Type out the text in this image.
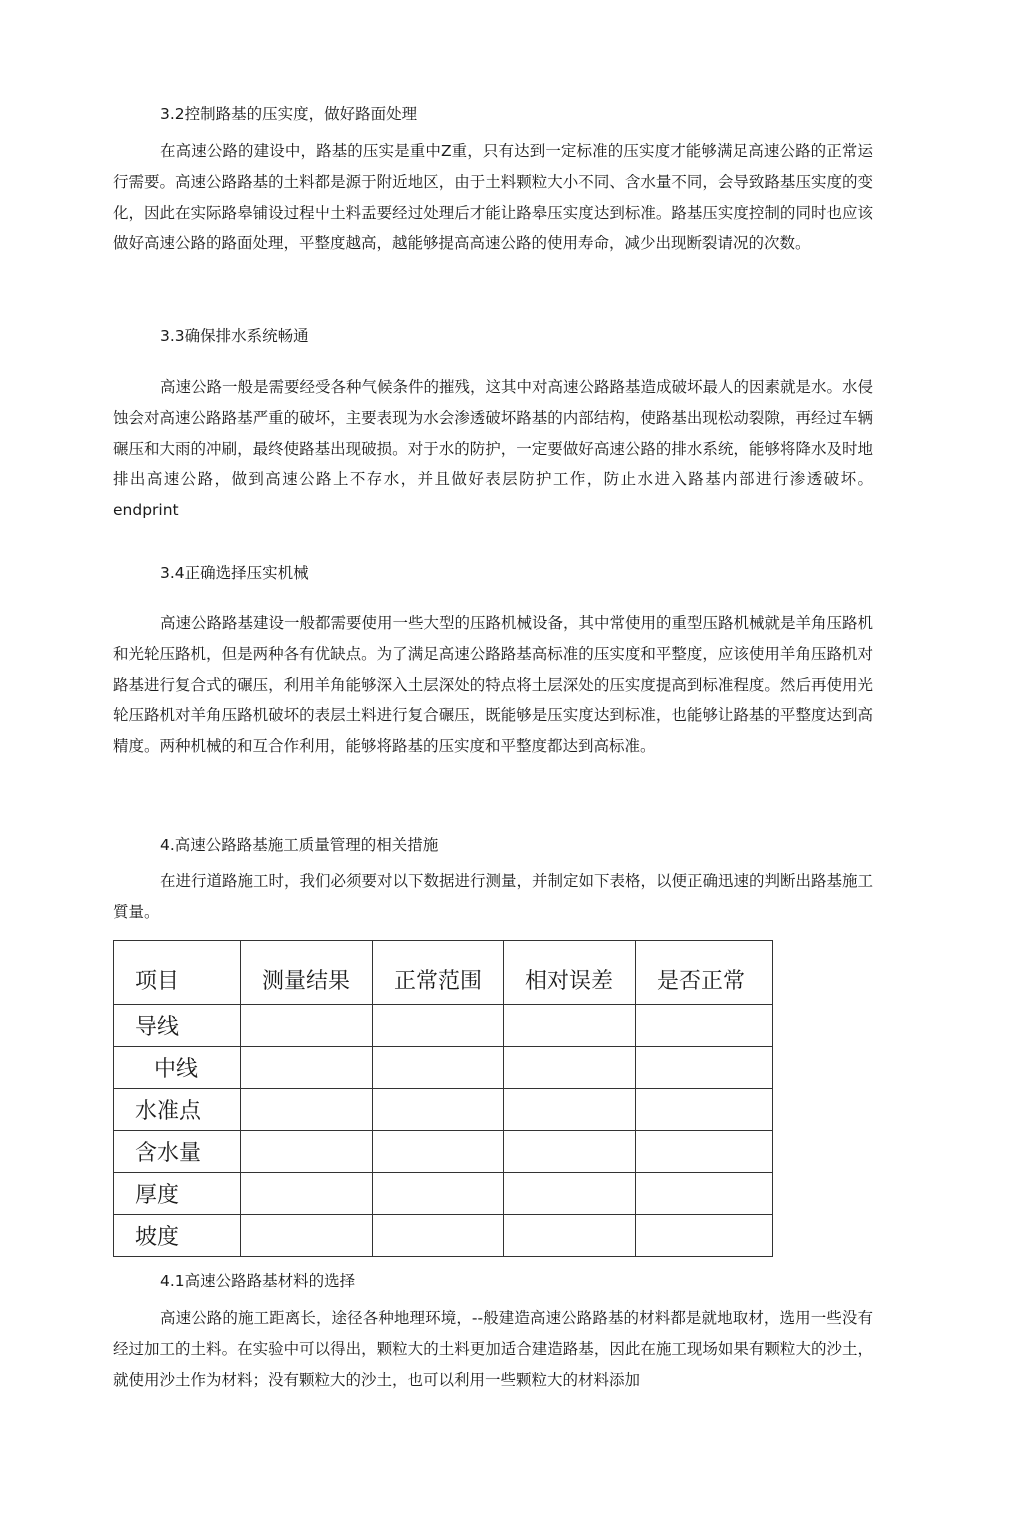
3.2控制路基的压实度，做好路面处理

在高速公路的建设中，路基的压实是重中Z重，只有达到一定标准的压实度才能够满足高速公路的正常运行需要。高速公路路基的土料都是源于附近地区，由于土料颗粒大小不同、含水量不同，会导致路基压实度的变化，因此在实际路皋铺设过程屮土料盂要经过处理后才能让路皋压实度达到标准。路基压实度控制的同时也应该做好高速公路的路面处理，平整度越高，越能够提高高速公路的使用寿命，减少出现断裂请况的次数。

3.3确保排水系统畅通

高速公路一般是需要经受各种气候条件的摧残，这其中对高速公路路基造成破坏最人的因素就是水。水侵蚀会对高速公路路基严重的破坏，主要表现为水会渗透破坏路基的内部结构，使路基出现松动裂隙，再经过车辆碾压和大雨的冲刷，最终使路基出现破损。对于水的防护，一定要做好高速公路的排水系统，能够将降水及时地排出高速公路，做到高速公路上不存水，并且做好表层防护工作，防止水进入路基内部进行渗透破坏。endprint

3.4正确选择压实机械

高速公路路基建设一般都需要使用一些大型的压路机械设备，其中常使用的重型压路机械就是羊角压路机和光轮压路机，但是两种各有优缺点。为了满足高速公路路基高标准的压实度和平整度，应该使用羊角压路机对路基进行复合式的碾压，利用羊角能够深入土层深处的特点将土层深处的压实度提高到标准程度。然后再使用光轮压路机对羊角压路机破坏的表层土料进行复合碾压，既能够是压实度达到标准，也能够让路基的平整度达到高精度。两种机械的和互合作利用，能够将路基的压实度和平整度都达到高标准。

4.高速公路路基施工质量管理的相关措施

在进行道路施工时，我们必须要对以下数据进行测量，并制定如下表格，以便正确迅速的判断出路基施工質量。

项目	测量结果	正常范围	相对误差	是否正常
导线				
中线				
水准点				
含水量				
厚度				
坡度				
4.1高速公路路基材料的选择

高速公路的施工距离长，途径各种地理环境，--般建造高速公路路基的材料都是就地取材，选用一些没有经过加工的土料。在实验中可以得出，颗粒大的土料更加适合建造路基，因此在施工现场如果有颗粒大的沙土，就使用沙土作为材料；没有颗粒大的沙土，也可以利用一些颗粒大的材料添加
